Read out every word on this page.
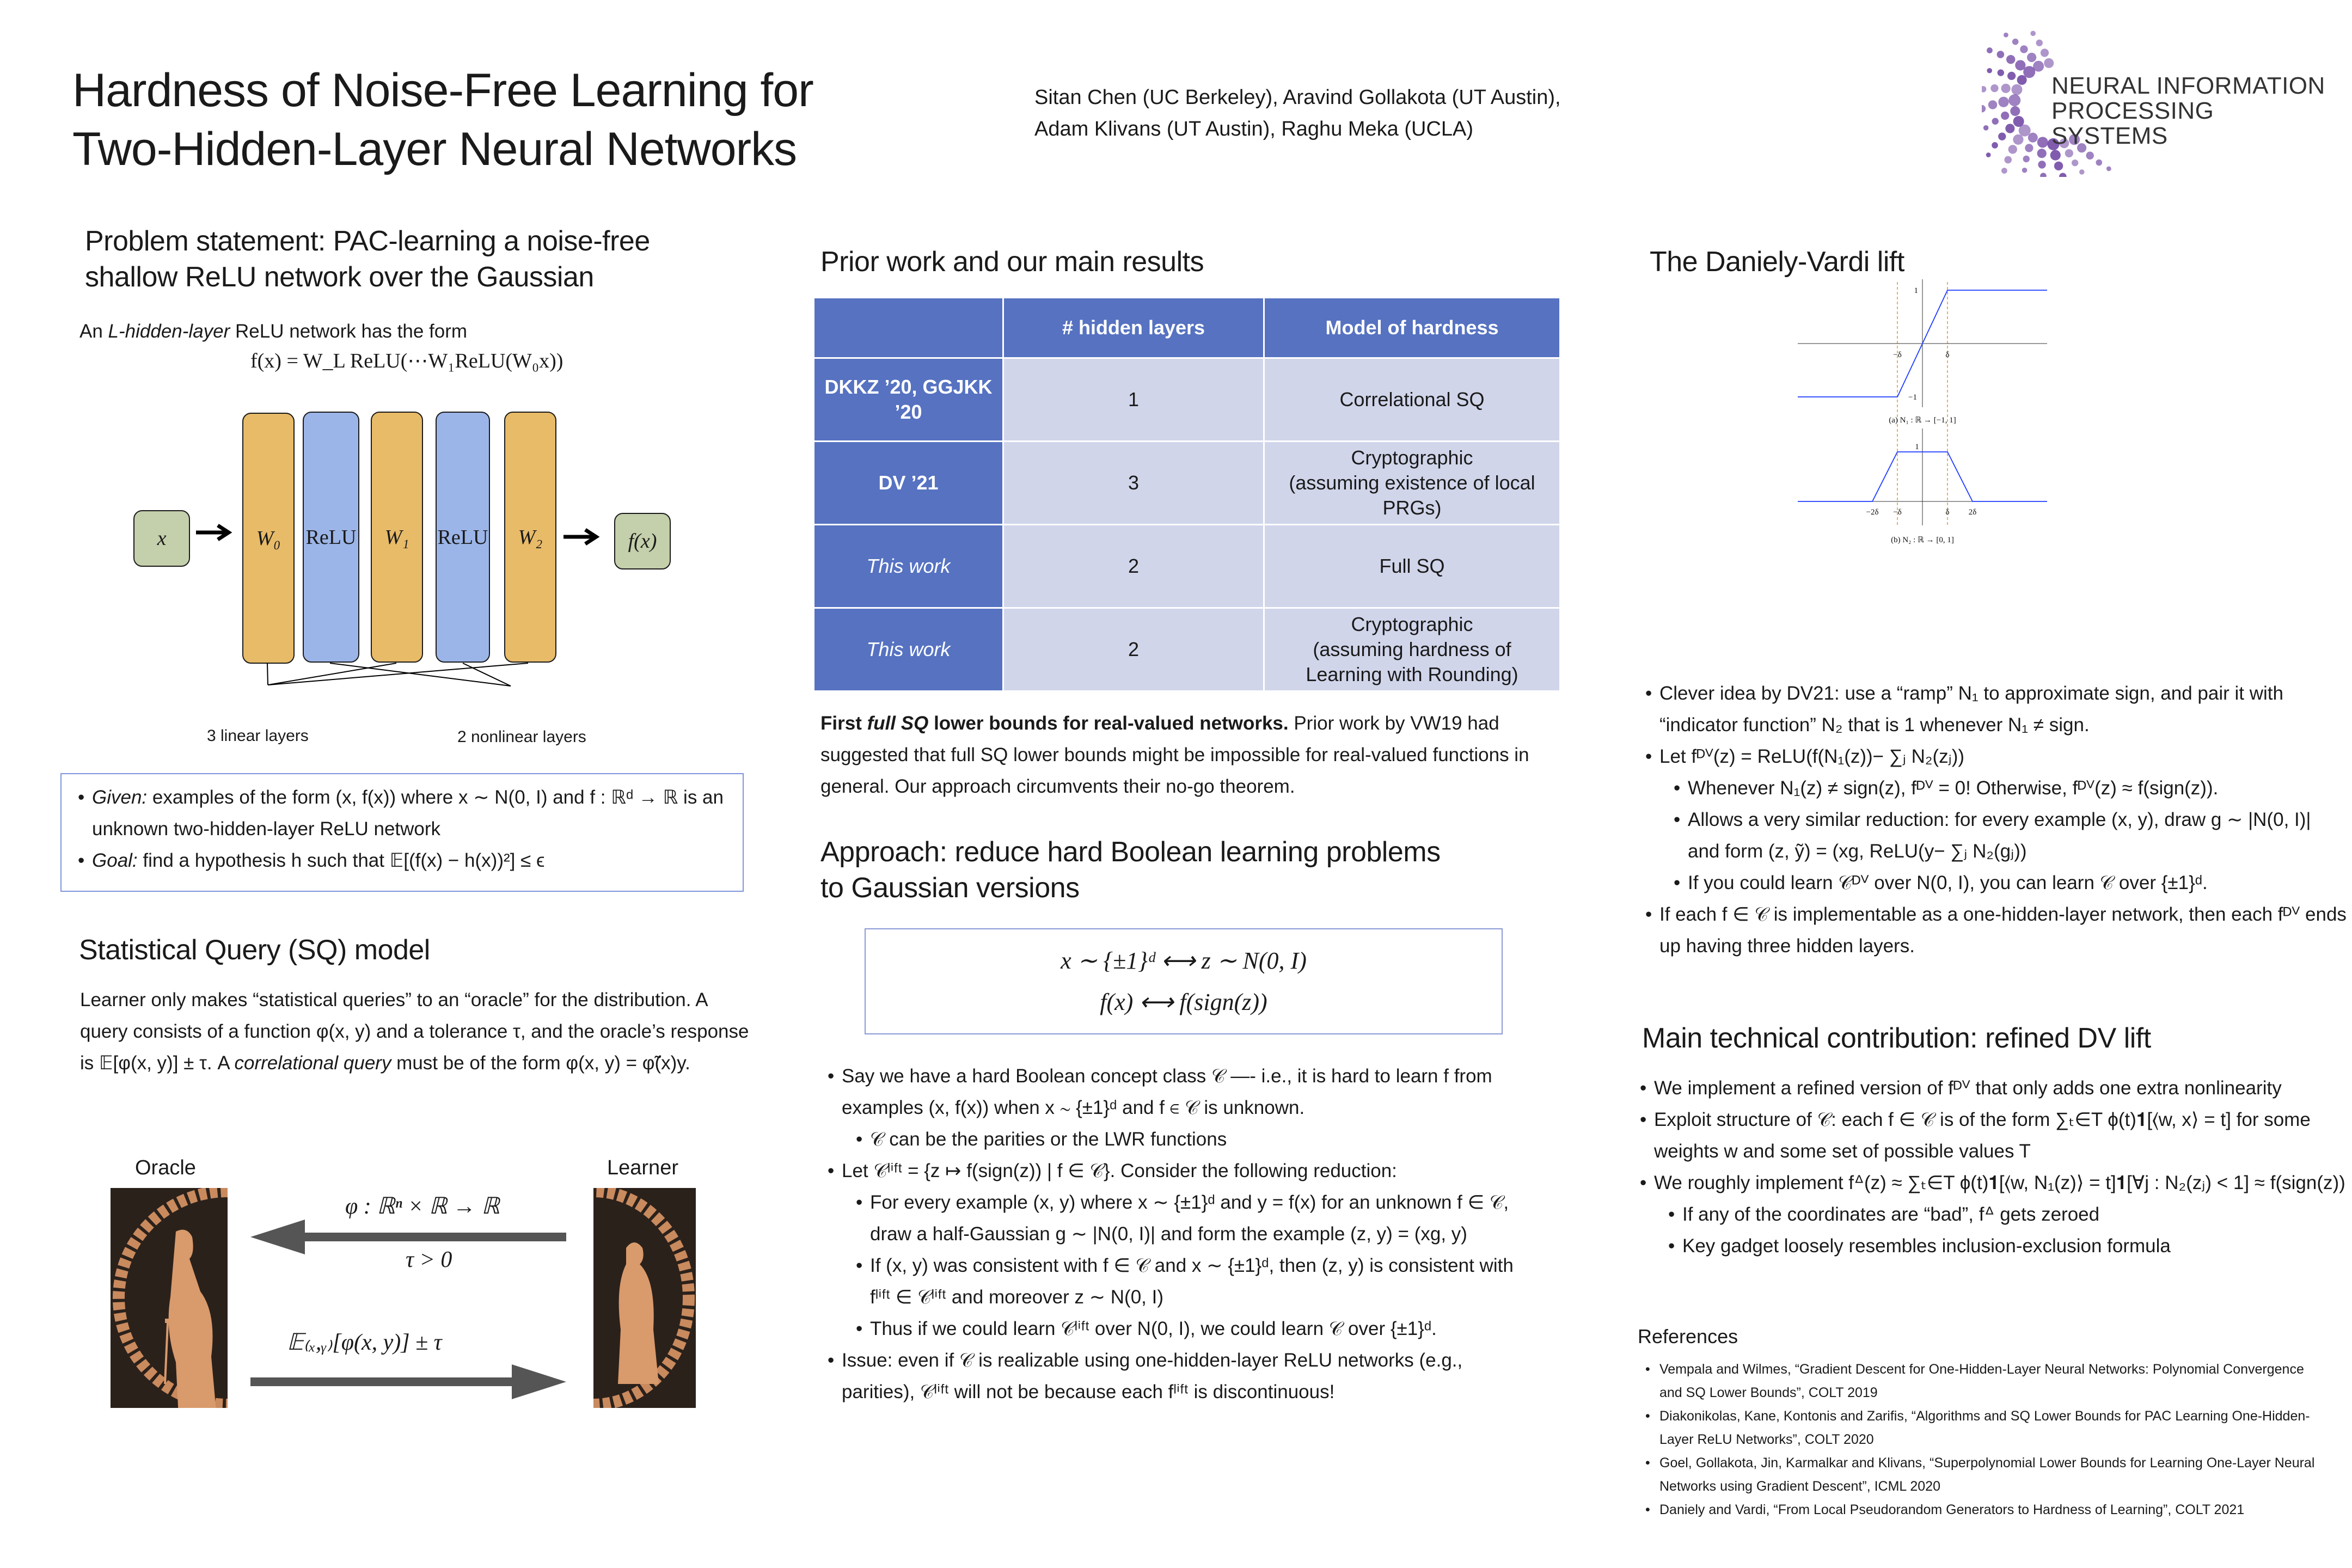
Hardness of Noise-Free Learning for
Two-Hidden-Layer Neural Networks
Sitan Chen (UC Berkeley), Aravind Gollakota (UT Austin),
Adam Klivans (UT Austin), Raghu Meka (UCLA)
NEURAL INFORMATION
PROCESSING SYSTEMS
Problem statement: PAC-learning a noise-free
shallow ReLU network over the Gaussian
An L-hidden-layer ReLU network has the form
f(x) = W_L ReLU(⋯W₁ReLU(W₀x))
x	W₀ ReLU W₁ ReLU W₂	f(x)
3 linear layers	2 nonlinear layers
• Given: examples of the form (x, f(x)) where x ∼ N(0, I) and f : ℝᵈ → ℝ is an unknown two-hidden-layer ReLU network
• Goal: find a hypothesis h such that 𝔼[(f(x) − h(x))²] ≤ ϵ
Statistical Query (SQ) model
Learner only makes “statistical queries” to an “oracle” for the distribution. A query consists of a function φ(x, y) and a tolerance τ, and the oracle’s response is 𝔼[φ(x, y)] ± τ. A correlational query must be of the form φ(x, y) = φ̃(x)y.
Oracle	Learner
φ : ℝⁿ × ℝ → ℝ
τ > 0
𝔼₍ₓ,ᵧ₎[φ(x, y)] ± τ
Prior work and our main results
	# hidden layers	Model of hardness
DKKZ ’20, GGJKK ’20	1	Correlational SQ

DV ’21	3	Cryptographic
(assuming existence of local PRGs)

This work	2	Full SQ

This work	2	Cryptographic
(assuming hardness of Learning with Rounding)
First full SQ lower bounds for real-valued networks. Prior work by VW19 had suggested that full SQ lower bounds might be impossible for real-valued functions in general. Our approach circumvents their no-go theorem.
Approach: reduce hard Boolean learning problems
to Gaussian versions
x ∼ {±1}ᵈ ⟷ z ∼ N(0, I)
f(x) ⟷ f(sign(z))
• Say we have a hard Boolean concept class 𝒞 —- i.e., it is hard to learn f from examples (x, f(x)) when x ∼ {±1}ᵈ and f ∈ 𝒞 is unknown.
• 𝒞 can be the parities or the LWR functions
• Let 𝒞ˡⁱᶠᵗ = {z ↦ f(sign(z)) | f ∈ 𝒞}. Consider the following reduction:
• For every example (x, y) where x ∼ {±1}ᵈ and y = f(x) for an unknown f ∈ 𝒞, draw a half-Gaussian g ∼ |N(0, I)| and form the example (z, y) = (xg, y)
• If (x, y) was consistent with f ∈ 𝒞 and x ∼ {±1}ᵈ, then (z, y) is consistent with fˡⁱᶠᵗ ∈ 𝒞ˡⁱᶠᵗ and moreover z ∼ N(0, I)
• Thus if we could learn 𝒞ˡⁱᶠᵗ over N(0, I), we could learn 𝒞 over {±1}ᵈ.
• Issue: even if 𝒞 is realizable using one-hidden-layer ReLU networks (e.g., parities), 𝒞ˡⁱᶠᵗ will not be because each fˡⁱᶠᵗ is discontinuous!
The Daniely-Vardi lift
1
−1
−δ	δ
(a) N₁ : ℝ → [−1, 1]
1
−2δ −δ	δ 2δ
(b) N₂ : ℝ → [0, 1]
• Clever idea by DV21: use a “ramp” N₁ to approximate sign, and pair it with “indicator function” N₂ that is 1 whenever N₁ ≠ sign.
• Let fᴰⱽ(z) = ReLU(f(N₁(z))− ∑ⱼ N₂(zⱼ))
• Whenever N₁(z) ≠ sign(z), fᴰⱽ = 0! Otherwise, fᴰⱽ(z) ≈ f(sign(z)).
• Allows a very similar reduction: for every example (x, y), draw g ∼ |N(0, I)| and form (z, ỹ) = (xg, ReLU(y− ∑ⱼ N₂(gⱼ))
• If you could learn 𝒞ᴰⱽ over N(0, I), you can learn 𝒞 over {±1}ᵈ.
• If each f ∈ 𝒞 is implementable as a one-hidden-layer network, then each fᴰⱽ ends up having three hidden layers.
Main technical contribution: refined DV lift
• We implement a refined version of fᴰⱽ that only adds one extra nonlinearity
• Exploit structure of 𝒞: each f ∈ 𝒞 is of the form ∑ₜ∈T ϕ(t)𝟏[⟨w, x⟩ = t] for some weights w and some set of possible values T
• We roughly implement fᐞ(z) ≈ ∑ₜ∈T ϕ(t)𝟏[⟨w, N₁(z)⟩ = t]𝟏[∀j : N₂(zⱼ) < 1] ≈ f(sign(z))
• If any of the coordinates are “bad”, fᐞ gets zeroed
• Key gadget loosely resembles inclusion-exclusion formula
References
• Vempala and Wilmes, “Gradient Descent for One-Hidden-Layer Neural Networks: Polynomial Convergence and SQ Lower Bounds”, COLT 2019
• Diakonikolas, Kane, Kontonis and Zarifis, “Algorithms and SQ Lower Bounds for PAC Learning One-Hidden-Layer ReLU Networks”, COLT 2020
• Goel, Gollakota, Jin, Karmalkar and Klivans, “Superpolynomial Lower Bounds for Learning One-Layer Neural Networks using Gradient Descent”, ICML 2020
• Daniely and Vardi, “From Local Pseudorandom Generators to Hardness of Learning”, COLT 2021
